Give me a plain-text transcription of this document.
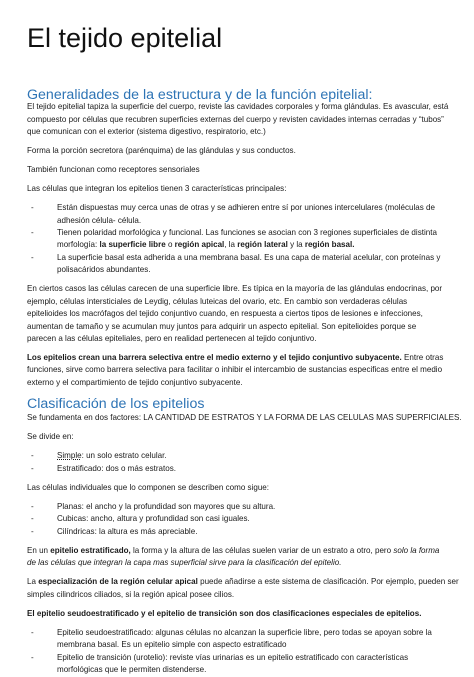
El tejido epitelial
Generalidades de la estructura y de la función epitelial:
El tejido epitelial tapiza la superficie del cuerpo, reviste las cavidades corporales y forma glándulas. Es avascular, está
compuesto por células que recubren superficies externas del cuerpo y revisten cavidades internas cerradas y “tubos”
que comunican con el exterior (sistema digestivo, respiratorio, etc.)
Forma la porción secretora (parénquima) de las glándulas y sus conductos.
También funcionan como receptores sensoriales
Las células que integran los epitelios tienen 3 características principales:
-	Están dispuestas muy cerca unas de otras y se adhieren entre sí por uniones intercelulares (moléculas de
adhesión célula- célula.
-	Tienen polaridad morfológica y funcional. Las funciones se asocian con 3 regiones superficiales de distinta
morfología: la superficie libre o región apical, la región lateral y la región basal.
-	La superficie basal esta adherida a una membrana basal. Es una capa de material acelular, con proteínas y
polisacáridos abundantes.
En ciertos casos las células carecen de una superficie libre. Es típica en la mayoría de las glándulas endocrinas, por
ejemplo, células intersticiales de Leydig, células luteicas del ovario, etc. En cambio son verdaderas células
epitelioides los macrófagos del tejido conjuntivo cuando, en respuesta a ciertos tipos de lesiones e infecciones,
aumentan de tamaño y se acumulan muy juntos para adquirir un aspecto epitelial. Son epitelioides porque se
parecen a las células epiteliales, pero en realidad pertenecen al tejido conjuntivo.
Los epitelios crean una barrera selectiva entre el medio externo y el tejido conjuntivo subyacente. Entre otras
funciones, sirve como barrera selectiva para facilitar o inhibir el intercambio de sustancias especificas entre el medio
externo y el compartimiento de tejido conjuntivo subyacente.
Clasificación de los epitelios
Se fundamenta en dos factores: LA CANTIDAD DE ESTRATOS Y LA FORMA DE LAS CELULAS MAS SUPERFICIALES.
Se divide en:
-	Simple: un solo estrato celular.
-	Estratificado: dos o más estratos.
Las células individuales que lo componen se describen como sigue:
-	Planas: el ancho y la profundidad son mayores que su altura.
-	Cubicas: ancho, altura y profundidad son casi iguales.
-	Cilíndricas: la altura es más apreciable.
En un epitelio estratificado, la forma y la altura de las células suelen variar de un estrato a otro, pero solo la forma
de las células que integran la capa mas superficial sirve para la clasificación del epitelio.
La especialización de la región celular apical puede añadirse a este sistema de clasificación. Por ejemplo, pueden ser
simples cilindricos ciliados, si la región apical posee cilios.
El epitelio seudoestratificado y el epitelio de transición son dos clasificaciones especiales de epitelios.
-	Epitelio seudoestratificado: algunas células no alcanzan la superficie libre, pero todas se apoyan sobre la
membrana basal. Es un epitelio simple con aspecto estratificado
-	Epitelio de transición (urotelio): reviste vías urinarias es un epitelio estratificado con características
morfológicas que le permiten distenderse.
